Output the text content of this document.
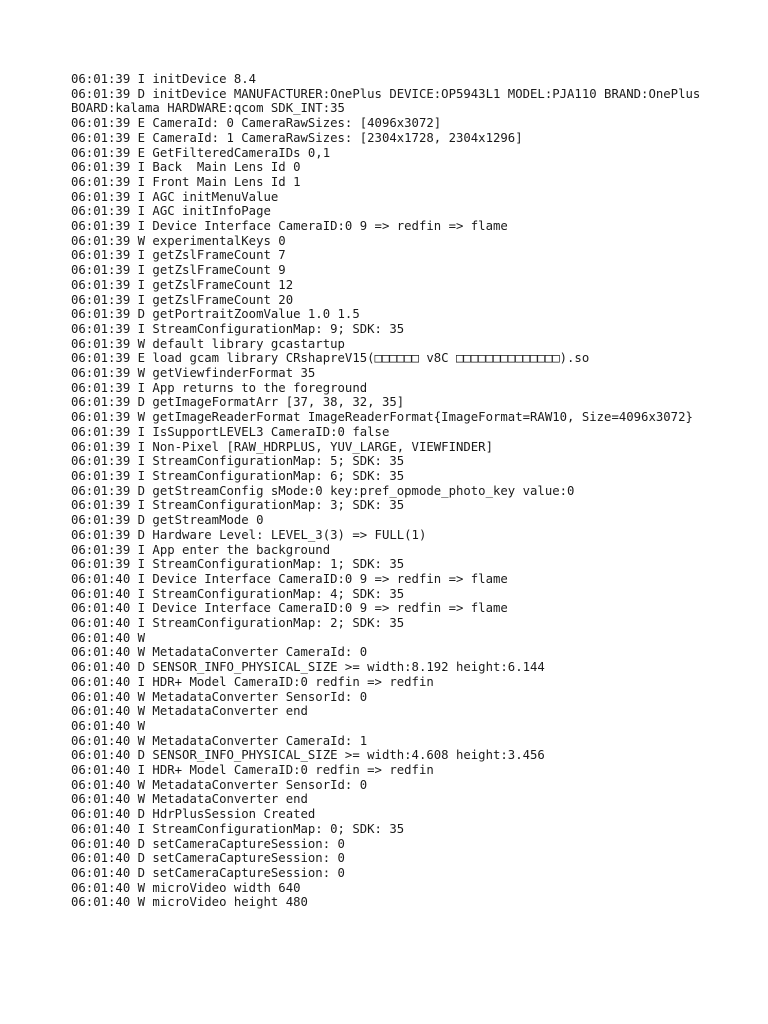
06:01:39 I initDevice 8.4
06:01:39 D initDevice MANUFACTURER:OnePlus DEVICE:OP5943L1 MODEL:PJA110 BRAND:OnePlus BOARD:kalama HARDWARE:qcom SDK_INT:35
06:01:39 E CameraId: 0 CameraRawSizes: [4096x3072]
06:01:39 E CameraId: 1 CameraRawSizes: [2304x1728, 2304x1296]
06:01:39 E GetFilteredCameraIDs 0,1
06:01:39 I Back  Main Lens Id 0
06:01:39 I Front Main Lens Id 1
06:01:39 I AGC initMenuValue
06:01:39 I AGC initInfoPage
06:01:39 I Device Interface CameraID:0 9 => redfin => flame
06:01:39 W experimentalKeys 0
06:01:39 I getZslFrameCount 7
06:01:39 I getZslFrameCount 9
06:01:39 I getZslFrameCount 12
06:01:39 I getZslFrameCount 20
06:01:39 D getPortraitZoomValue 1.0 1.5
06:01:39 I StreamConfigurationMap: 9; SDK: 35
06:01:39 W default library gcastartup
06:01:39 E load gcam library CRshapreV15(□□□□□□ v8C □□□□□□□□□□□□□□).so
06:01:39 W getViewfinderFormat 35
06:01:39 I App returns to the foreground
06:01:39 D getImageFormatArr [37, 38, 32, 35]
06:01:39 W getImageReaderFormat ImageReaderFormat{ImageFormat=RAW10, Size=4096x3072}
06:01:39 I IsSupportLEVEL3 CameraID:0 false
06:01:39 I Non-Pixel [RAW_HDRPLUS, YUV_LARGE, VIEWFINDER]
06:01:39 I StreamConfigurationMap: 5; SDK: 35
06:01:39 I StreamConfigurationMap: 6; SDK: 35
06:01:39 D getStreamConfig sMode:0 key:pref_opmode_photo_key value:0
06:01:39 I StreamConfigurationMap: 3; SDK: 35
06:01:39 D getStreamMode 0
06:01:39 D Hardware Level: LEVEL_3(3) => FULL(1)
06:01:39 I App enter the background
06:01:39 I StreamConfigurationMap: 1; SDK: 35
06:01:40 I Device Interface CameraID:0 9 => redfin => flame
06:01:40 I StreamConfigurationMap: 4; SDK: 35
06:01:40 I Device Interface CameraID:0 9 => redfin => flame
06:01:40 I StreamConfigurationMap: 2; SDK: 35
06:01:40 W
06:01:40 W MetadataConverter CameraId: 0
06:01:40 D SENSOR_INFO_PHYSICAL_SIZE >= width:8.192 height:6.144
06:01:40 I HDR+ Model CameraID:0 redfin => redfin
06:01:40 W MetadataConverter SensorId: 0
06:01:40 W MetadataConverter end
06:01:40 W
06:01:40 W MetadataConverter CameraId: 1
06:01:40 D SENSOR_INFO_PHYSICAL_SIZE >= width:4.608 height:3.456
06:01:40 I HDR+ Model CameraID:0 redfin => redfin
06:01:40 W MetadataConverter SensorId: 0
06:01:40 W MetadataConverter end
06:01:40 D HdrPlusSession Created
06:01:40 I StreamConfigurationMap: 0; SDK: 35
06:01:40 D setCameraCaptureSession: 0
06:01:40 D setCameraCaptureSession: 0
06:01:40 D setCameraCaptureSession: 0
06:01:40 W microVideo width 640
06:01:40 W microVideo height 480
